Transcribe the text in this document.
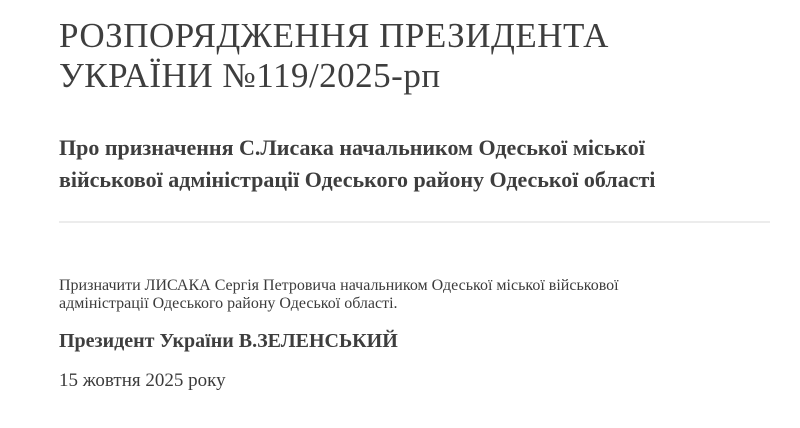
РОЗПОРЯДЖЕННЯ ПРЕЗИДЕНТА
УКРАЇНИ №119/2025-рп
Про призначення С.Лисака начальником Одеської міської
військової адміністрації Одеського району Одеської області

Призначити ЛИСАКА Сергія Петровича начальником Одеської міської військової
адміністрації Одеського району Одеської області.

Президент України В.ЗЕЛЕНСЬКИЙ

15 жовтня 2025 року
